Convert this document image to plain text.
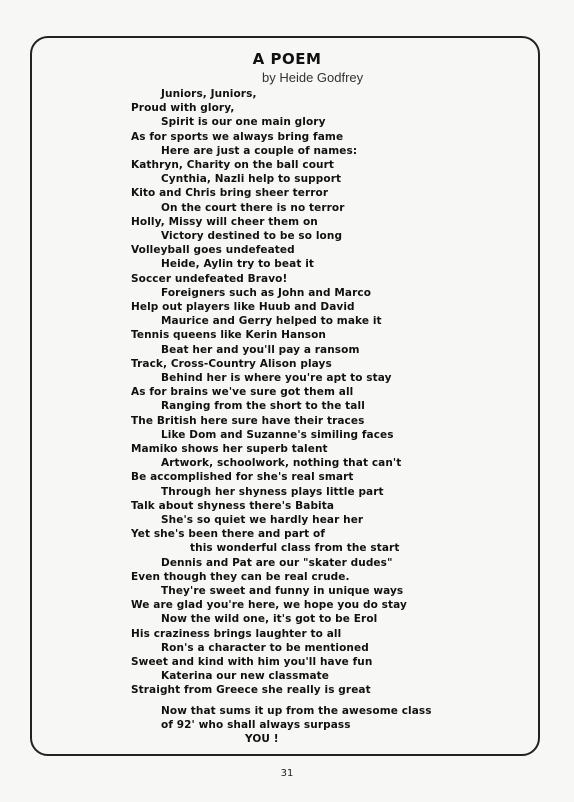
A POEM
by Heide Godfrey
Juniors, Juniors,
Proud with glory,
Spirit is our one main glory
As for sports we always bring fame
Here are just a couple of names:
Kathryn, Charity on the ball court
Cynthia, Nazli help to support
Kito and Chris bring sheer terror
On the court there is no terror
Holly, Missy will cheer them on
Victory destined to be so long
Volleyball goes undefeated
Heide, Aylin try to beat it
Soccer undefeated Bravo!
Foreigners such as John and Marco
Help out players like Huub and David
Maurice and Gerry helped to make it
Tennis queens like Kerin Hanson
Beat her and you'll pay a ransom
Track, Cross-Country Alison plays
Behind her is where you're apt to stay
As for brains we've sure got them all
Ranging from the short to the tall
The British here sure have their traces
Like Dom and Suzanne's similing faces
Mamiko shows her superb talent
Artwork, schoolwork, nothing that can't
Be accomplished for she's real smart
Through her shyness plays little part
Talk about shyness there's Babita
She's so quiet we hardly hear her
Yet she's been there and part of
this wonderful class from the start
Dennis and Pat are our "skater dudes"
Even though they can be real crude.
They're sweet and funny in unique ways
We are glad you're here, we hope you do stay
Now the wild one, it's got to be Erol
His craziness brings laughter to all
Ron's a character to be mentioned
Sweet and kind with him you'll have fun
Katerina our new classmate
Straight from Greece she really is great
Now that sums it up from the awesome class
of 92' who shall always surpass
YOU !
31
